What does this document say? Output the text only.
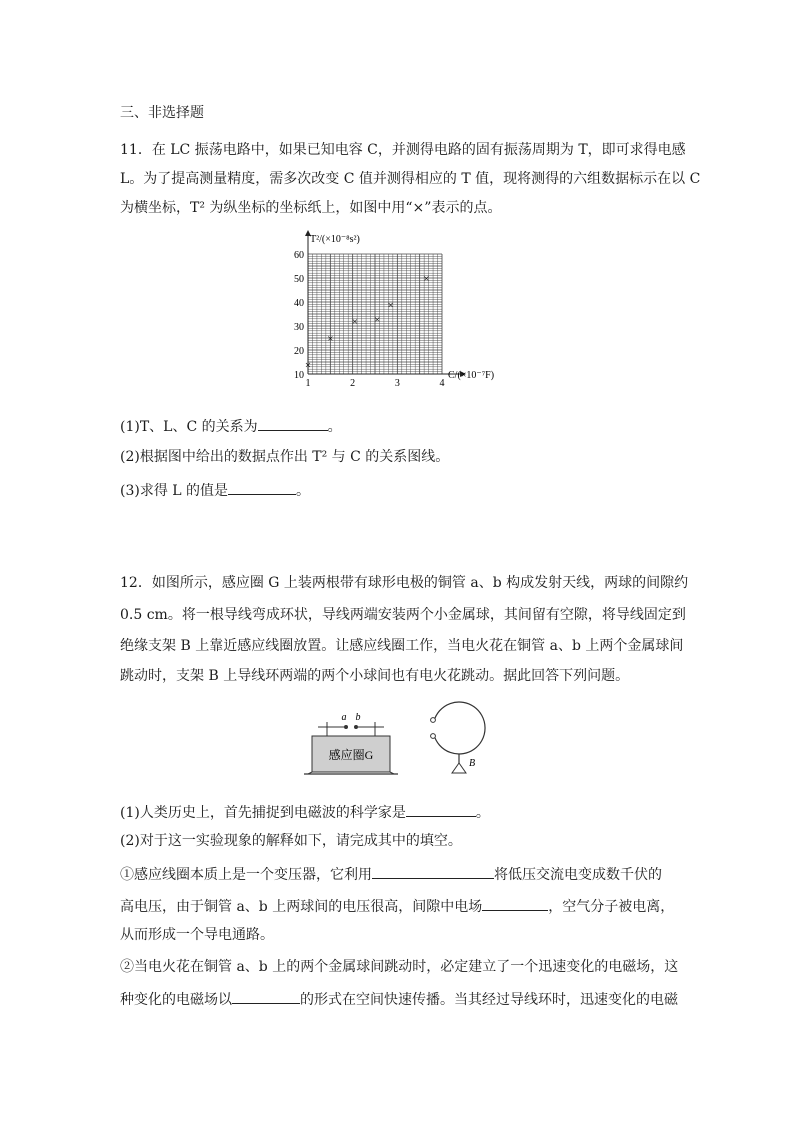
三、非选择题
11．在 LC 振荡电路中，如果已知电容 C，并测得电路的固有振荡周期为 T，即可求得电感
L。为了提高测量精度，需多次改变 C 值并测得相应的 T 值，现将测得的六组数据标示在以 C
为横坐标，T² 为纵坐标的坐标纸上，如图中用“×”表示的点。
1	2	3	4
10
20
30
40
50
60
×
×
× ×
×
×
T²/(×10⁻⁸s²)
C/(×10⁻⁷F)
(1)T、L、C 的关系为	。
(2)根据图中给出的数据点作出 T² 与 C 的关系图线。
(3)求得 L 的值是	。
12．如图所示，感应圈 G 上装两根带有球形电极的铜管 a、b 构成发射天线，两球的间隙约
0.5 cm。将一根导线弯成环状，导线两端安装两个小金属球，其间留有空隙，将导线固定到
绝缘支架 B 上靠近感应线圈放置。让感应线圈工作，当电火花在铜管 a、b 上两个金属球间
跳动时，支架 B 上导线环两端的两个小球间也有电火花跳动。据此回答下列问题。
感应圈G
a b
B
(1)人类历史上，首先捕捉到电磁波的科学家是	。
(2)对于这一实验现象的解释如下，请完成其中的填空。
①感应线圈本质上是一个变压器，它利用	将低压交流电变成数千伏的
高电压，由于铜管 a、b 上两球间的电压很高，间隙中电场	，空气分子被电离，
从而形成一个导电通路。
②当电火花在铜管 a、b 上的两个金属球间跳动时，必定建立了一个迅速变化的电磁场，这
种变化的电磁场以	的形式在空间快速传播。当其经过导线环时，迅速变化的电磁
